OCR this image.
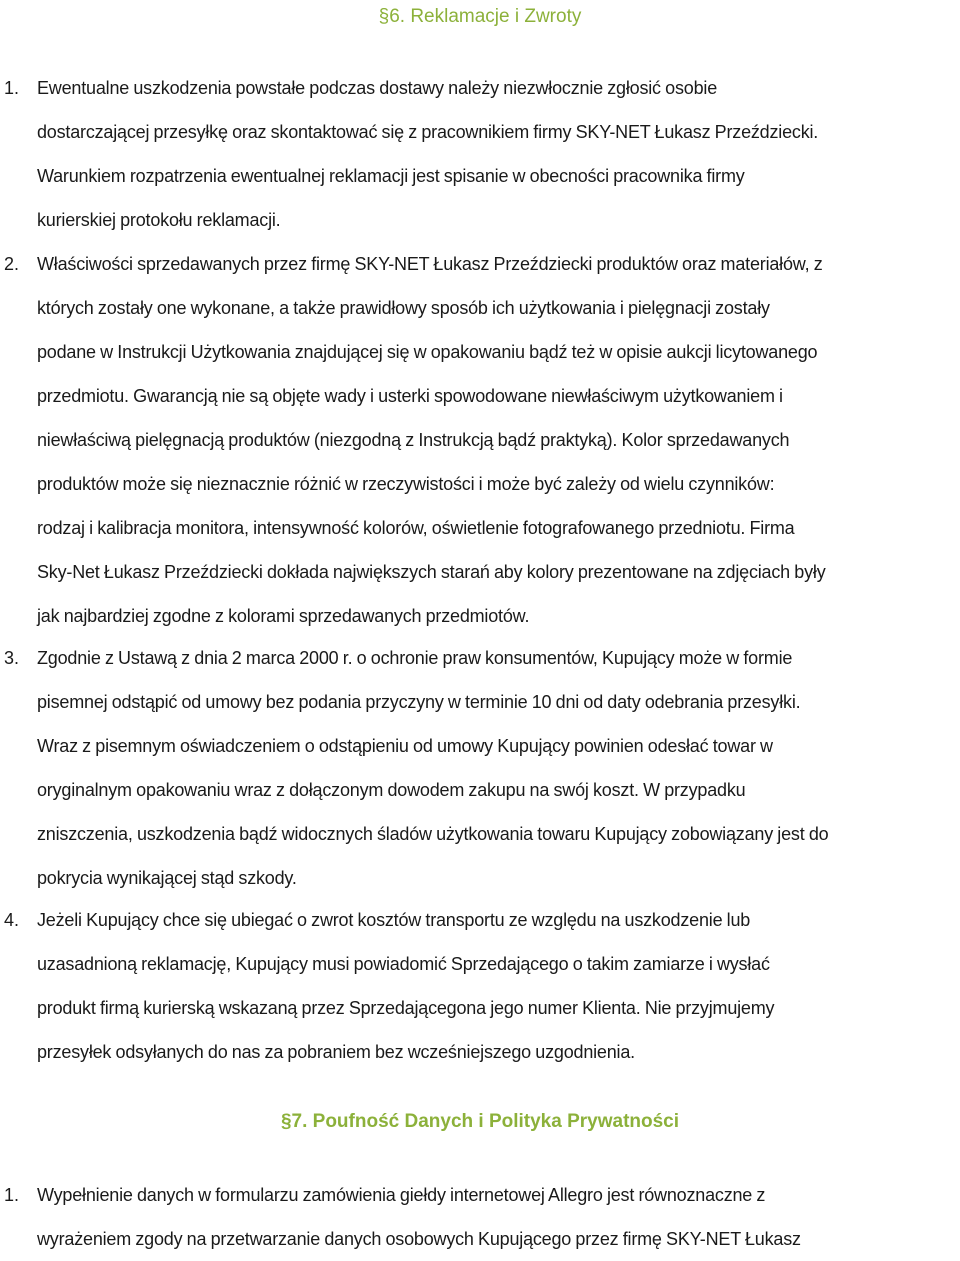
§6. Reklamacje i Zwroty
1. Ewentualne uszkodzenia powstałe podczas dostawy należy niezwłocznie zgłosić osobie
dostarczającej przesyłkę oraz skontaktować się z pracownikiem firmy SKY-NET Łukasz Przeździecki.
Warunkiem rozpatrzenia ewentualnej reklamacji jest spisanie w obecności pracownika firmy
kurierskiej protokołu reklamacji.
2. Właściwości sprzedawanych przez firmę SKY-NET Łukasz Przeździecki produktów oraz materiałów, z
których zostały one wykonane, a także prawidłowy sposób ich użytkowania i pielęgnacji zostały
podane w Instrukcji Użytkowania znajdującej się w opakowaniu bądź też w opisie aukcji licytowanego
przedmiotu. Gwarancją nie są objęte wady i usterki spowodowane niewłaściwym użytkowaniem i
niewłaściwą pielęgnacją produktów (niezgodną z Instrukcją bądź praktyką). Kolor sprzedawanych
produktów może się nieznacznie różnić w rzeczywistości i może być zależy od wielu czynników:
rodzaj i kalibracja monitora, intensywność kolorów, oświetlenie fotografowanego przedniotu. Firma
Sky-Net Łukasz Przeździecki dokłada największych starań aby kolory prezentowane na zdjęciach były
jak najbardziej zgodne z kolorami sprzedawanych przedmiotów.
3. Zgodnie z Ustawą z dnia 2 marca 2000 r. o ochronie praw konsumentów, Kupujący może w formie
pisemnej odstąpić od umowy bez podania przyczyny w terminie 10 dni od daty odebrania przesyłki.
Wraz z pisemnym oświadczeniem o odstąpieniu od umowy Kupujący powinien odesłać towar w
oryginalnym opakowaniu wraz z dołączonym dowodem zakupu na swój koszt. W przypadku
zniszczenia, uszkodzenia bądź widocznych śladów użytkowania towaru Kupujący zobowiązany jest do
pokrycia wynikającej stąd szkody.
4. Jeżeli Kupujący chce się ubiegać o zwrot kosztów transportu ze względu na uszkodzenie lub
uzasadnioną reklamację, Kupujący musi powiadomić Sprzedającego o takim zamiarze i wysłać
produkt firmą kurierską wskazaną przez Sprzedającegona jego numer Klienta. Nie przyjmujemy
przesyłek odsyłanych do nas za pobraniem bez wcześniejszego uzgodnienia.
§7. Poufność Danych i Polityka Prywatności
1. Wypełnienie danych w formularzu zamówienia giełdy internetowej Allegro jest równoznaczne z
wyrażeniem zgody na przetwarzanie danych osobowych Kupującego przez firmę SKY-NET Łukasz
